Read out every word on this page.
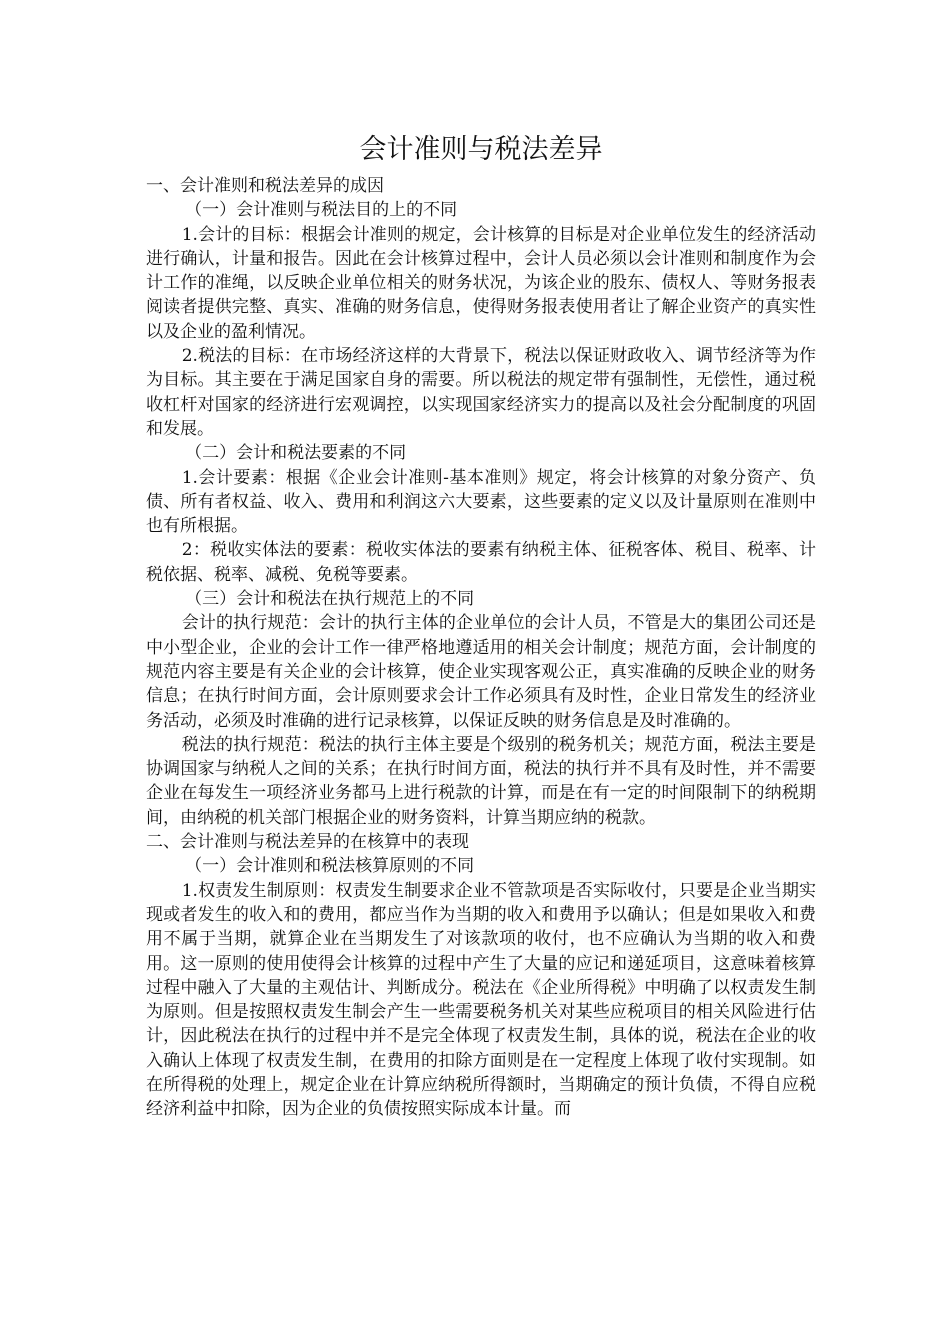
会计准则与税法差异

一、会计准则和税法差异的成因

（一）会计准则与税法目的上的不同

1.会计的目标：根据会计准则的规定，会计核算的目标是对企业单位发生的经济活动进行确认，计量和报告。因此在会计核算过程中，会计人员必须以会计准则和制度作为会计工作的准绳，以反映企业单位相关的财务状况，为该企业的股东、债权人、等财务报表阅读者提供完整、真实、准确的财务信息，使得财务报表使用者让了解企业资产的真实性以及企业的盈利情况。

2.税法的目标：在市场经济这样的大背景下，税法以保证财政收入、调节经济等为作为目标。其主要在于满足国家自身的需要。所以税法的规定带有强制性，无偿性，通过税收杠杆对国家的经济进行宏观调控，以实现国家经济实力的提高以及社会分配制度的巩固和发展。

（二）会计和税法要素的不同

1.会计要素：根据《企业会计准则-基本准则》规定，将会计核算的对象分资产、负债、所有者权益、收入、费用和利润这六大要素，这些要素的定义以及计量原则在准则中也有所根据。

2：税收实体法的要素：税收实体法的要素有纳税主体、征税客体、税目、税率、计税依据、税率、减税、免税等要素。

（三）会计和税法在执行规范上的不同

会计的执行规范：会计的执行主体的企业单位的会计人员，不管是大的集团公司还是中小型企业，企业的会计工作一律严格地遵适用的相关会计制度；规范方面，会计制度的规范内容主要是有关企业的会计核算，使企业实现客观公正，真实准确的反映企业的财务信息；在执行时间方面，会计原则要求会计工作必须具有及时性，企业日常发生的经济业务活动，必须及时准确的进行记录核算，以保证反映的财务信息是及时准确的。

税法的执行规范：税法的执行主体主要是个级别的税务机关；规范方面，税法主要是协调国家与纳税人之间的关系；在执行时间方面，税法的执行并不具有及时性，并不需要企业在每发生一项经济业务都马上进行税款的计算，而是在有一定的时间限制下的纳税期间，由纳税的机关部门根据企业的财务资料，计算当期应纳的税款。

二、会计准则与税法差异的在核算中的表现

（一）会计准则和税法核算原则的不同

1.权责发生制原则：权责发生制要求企业不管款项是否实际收付，只要是企业当期实现或者发生的收入和的费用，都应当作为当期的收入和费用予以确认；但是如果收入和费用不属于当期，就算企业在当期发生了对该款项的收付，也不应确认为当期的收入和费用。这一原则的使用使得会计核算的过程中产生了大量的应记和递延项目，这意味着核算过程中融入了大量的主观估计、判断成分。税法在《企业所得税》中明确了以权责发生制为原则。但是按照权责发生制会产生一些需要税务机关对某些应税项目的相关风险进行估计，因此税法在执行的过程中并不是完全体现了权责发生制，具体的说，税法在企业的收入确认上体现了权责发生制，在费用的扣除方面则是在一定程度上体现了收付实现制。如在所得税的处理上，规定企业在计算应纳税所得额时，当期确定的预计负债，不得自应税经济利益中扣除，因为企业的负债按照实际成本计量。而
